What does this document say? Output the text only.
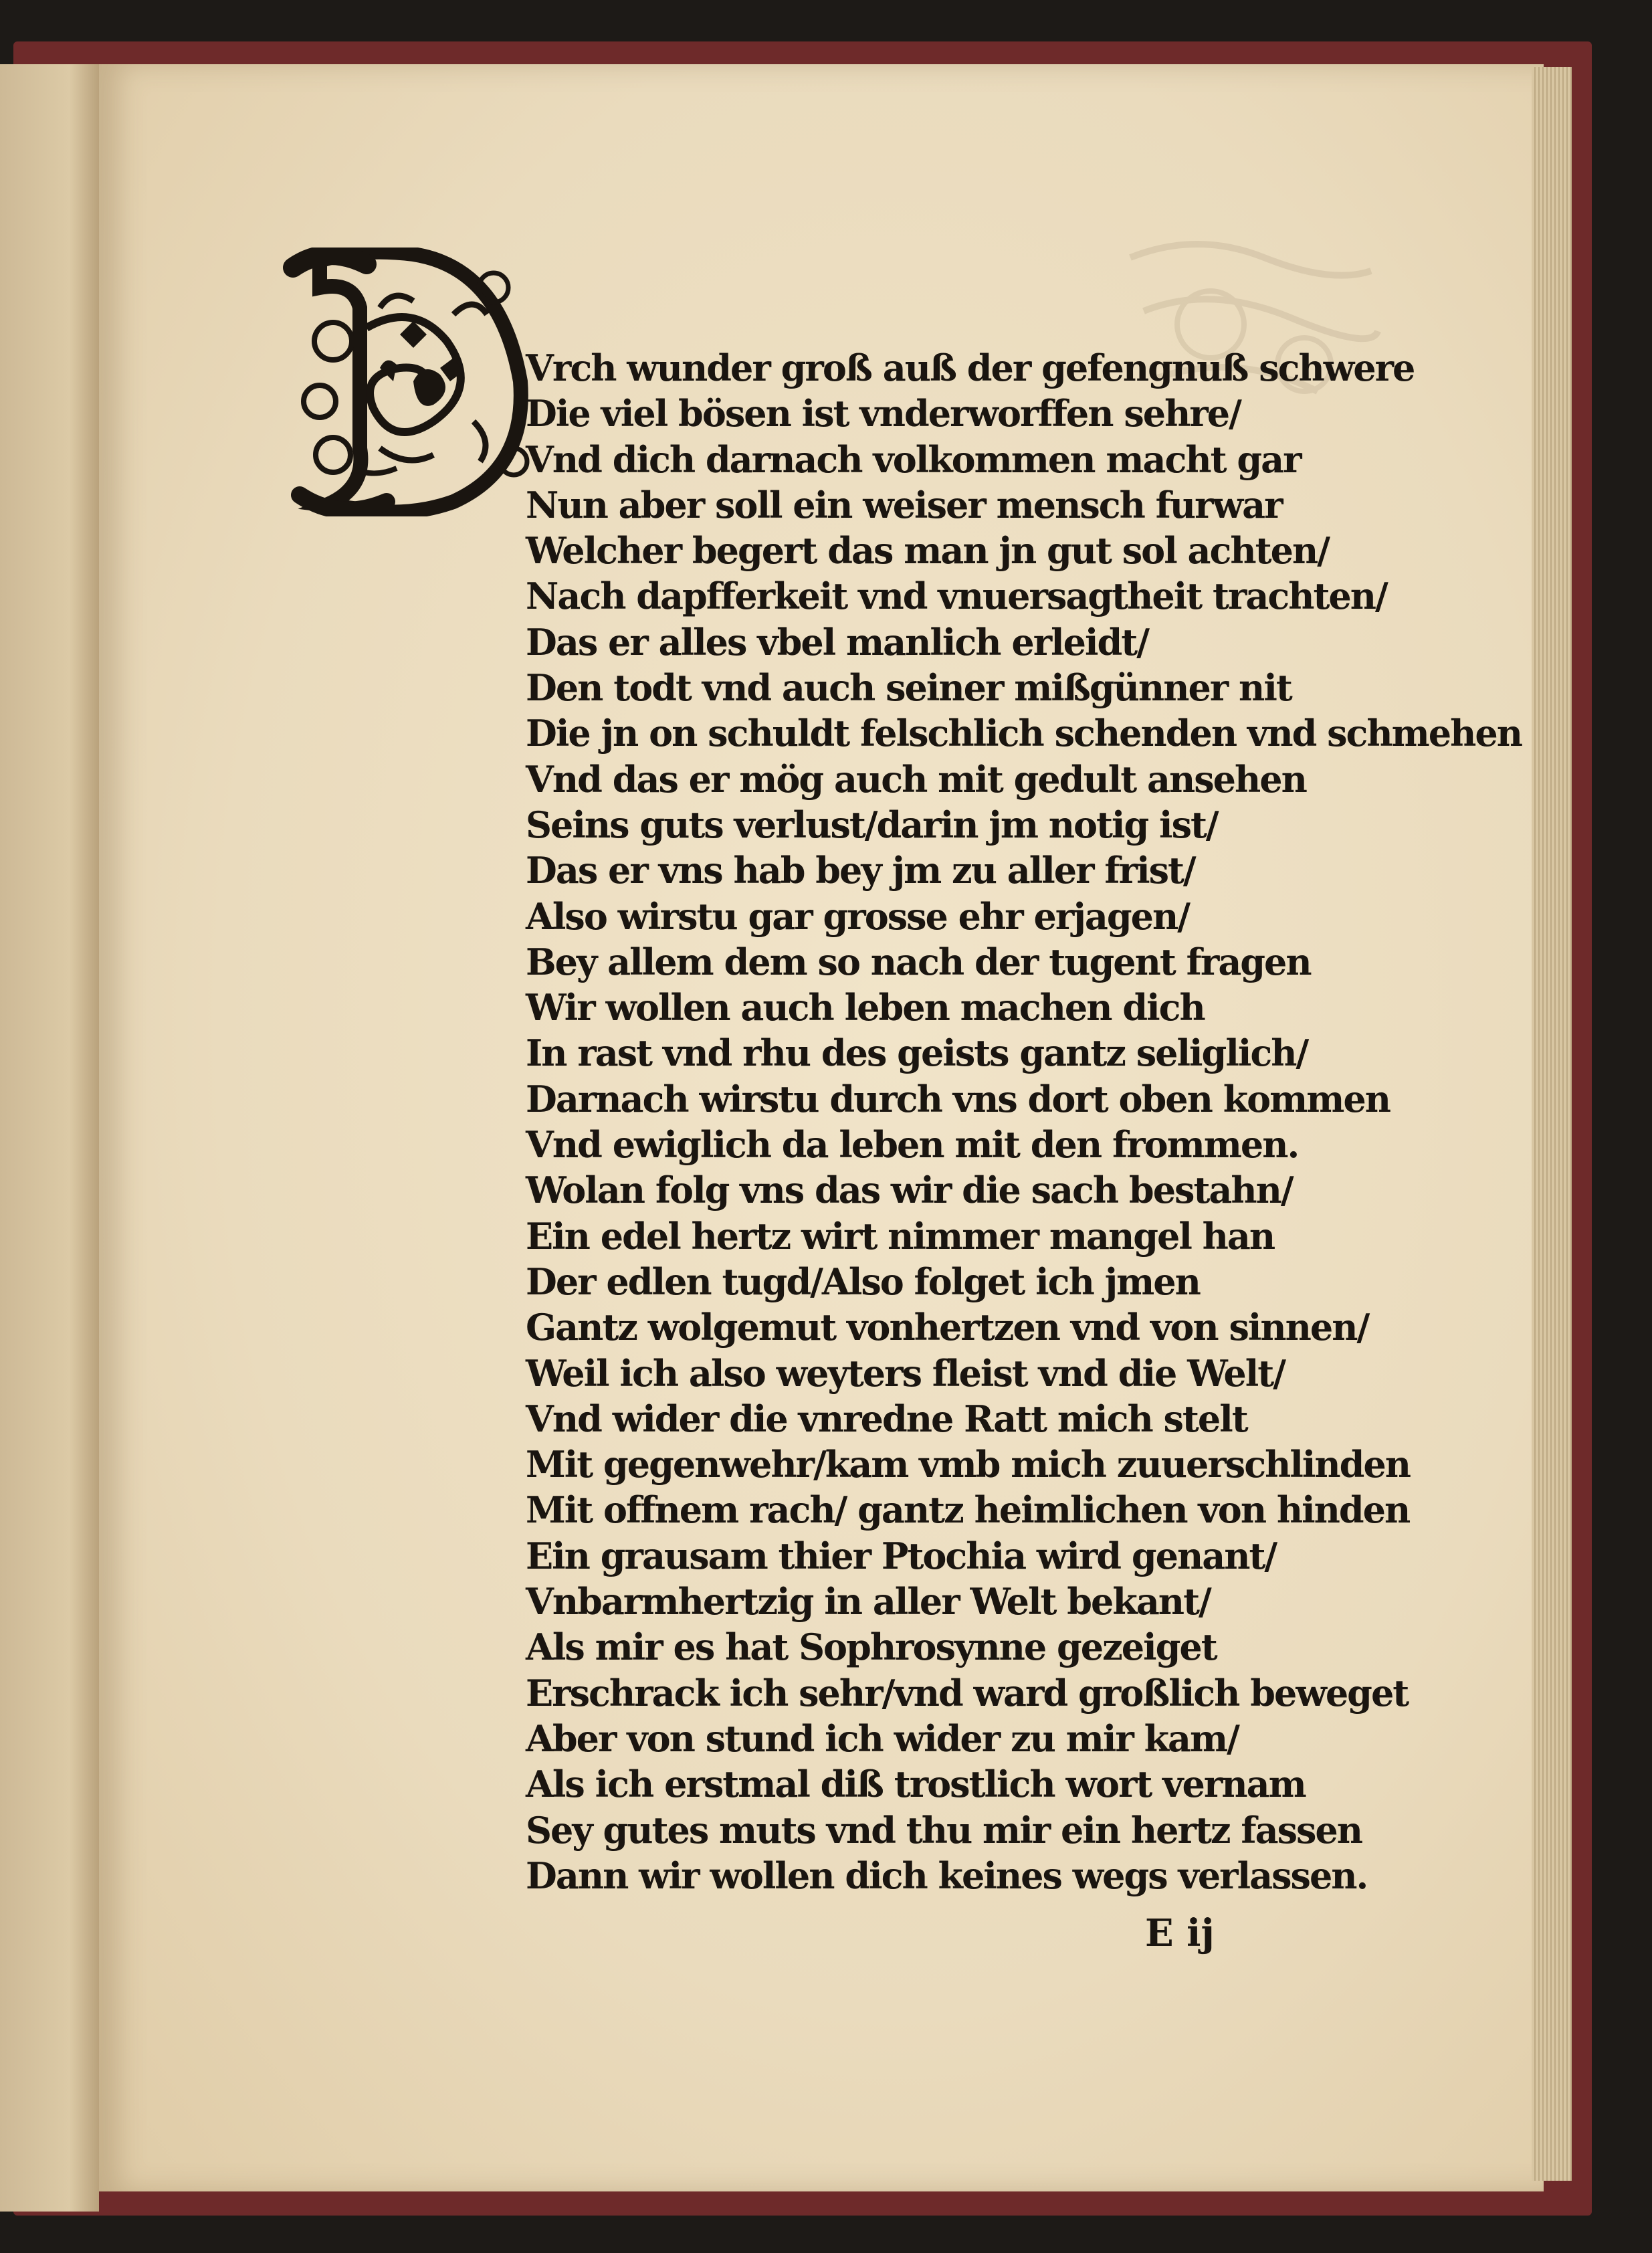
Vrch wunder groß auß der gefengnuß schwere
Die viel bösen ist vnderworffen sehre/
Vnd dich darnach volkommen macht gar
Nun aber soll ein weiser mensch furwar
Welcher begert das man jn gut sol achten/
Nach dapfferkeit vnd vnuersagtheit trachten/
Das er alles vbel manlich erleidt/
Den todt vnd auch seiner mißgünner nit
Die jn on schuldt felschlich schenden vnd schmehen
Vnd das er mög auch mit gedult ansehen
Seins guts verlust/darin jm notig ist/
Das er vns hab bey jm zu aller frist/
Also wirstu gar grosse ehr erjagen/
Bey allem dem so nach der tugent fragen
Wir wollen auch leben machen dich
In rast vnd rhu des geists gantz seliglich/
Darnach wirstu durch vns dort oben kommen
Vnd ewiglich da leben mit den frommen.
Wolan folg vns das wir die sach bestahn/
Ein edel hertz wirt nimmer mangel han
Der edlen tugd/Also folget ich jmen
Gantz wolgemut vonhertzen vnd von sinnen/
Weil ich also weyters fleist vnd die Welt/
Vnd wider die vnredne Ratt mich stelt
Mit gegenwehr/kam vmb mich zuuerschlinden
Mit offnem rach/ gantz heimlichen von hinden
Ein grausam thier Ptochia wird genant/
Vnbarmhertzig in aller Welt bekant/
Als mir es hat Sophrosynne gezeiget
Erschrack ich sehr/vnd ward großlich beweget
Aber von stund ich wider zu mir kam/
Als ich erstmal diß trostlich wort vernam
Sey gutes muts vnd thu mir ein hertz fassen
Dann wir wollen dich keines wegs verlassen.
E ij
